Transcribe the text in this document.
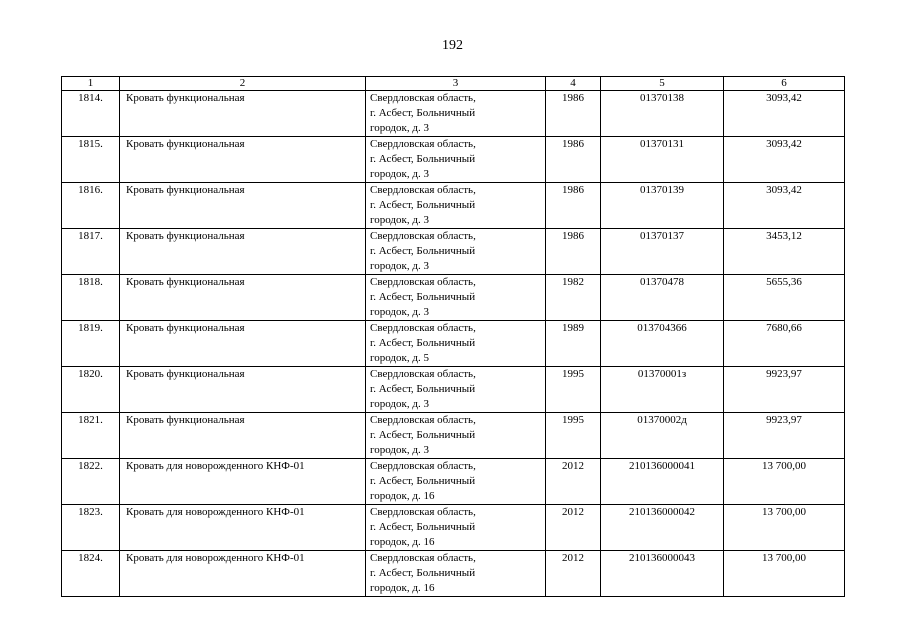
192
1	2	3	4	5	6
1814.	Кровать функциональная	Свердловская область,
г. Асбест, Больничный
городок, д. 3	1986	01370138	3093,42
1815.	Кровать функциональная	Свердловская область,
г. Асбест, Больничный
городок, д. 3	1986	01370131	3093,42
1816.	Кровать функциональная	Свердловская область,
г. Асбест, Больничный
городок, д. 3	1986	01370139	3093,42
1817.	Кровать функциональная	Свердловская область,
г. Асбест, Больничный
городок, д. 3	1986	01370137	3453,12
1818.	Кровать функциональная	Свердловская область,
г. Асбест, Больничный
городок, д. 3	1982	01370478	5655,36
1819.	Кровать функциональная	Свердловская область,
г. Асбест, Больничный
городок, д. 5	1989	013704366	7680,66
1820.	Кровать функциональная	Свердловская область,
г. Асбест, Больничный
городок, д. 3	1995	01370001з	9923,97
1821.	Кровать функциональная	Свердловская область,
г. Асбест, Больничный
городок, д. 3	1995	01370002д	9923,97
1822.	Кровать для новорожденного КНФ-01	Свердловская область,
г. Асбест, Больничный
городок, д. 16	2012	210136000041	13 700,00
1823.	Кровать для новорожденного КНФ-01	Свердловская область,
г. Асбест, Больничный
городок, д. 16	2012	210136000042	13 700,00
1824.	Кровать для новорожденного КНФ-01	Свердловская область,
г. Асбест, Больничный
городок, д. 16	2012	210136000043	13 700,00
